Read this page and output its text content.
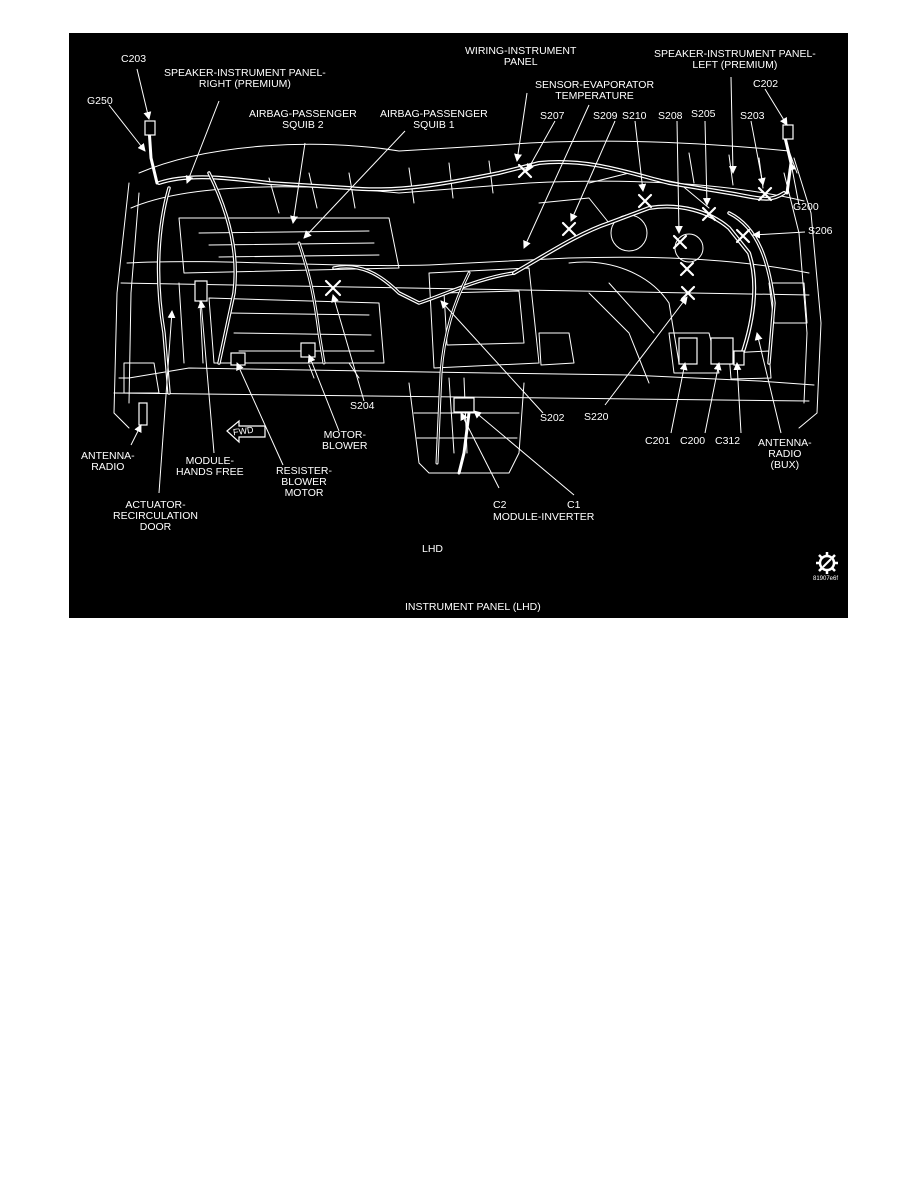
C203
G250
SPEAKER-INSTRUMENT PANEL-
RIGHT (PREMIUM)
AIRBAG-PASSENGER
SQUIB 2
AIRBAG-PASSENGER
SQUIB 1
WIRING-INSTRUMENT
PANEL
SENSOR-EVAPORATOR
TEMPERATURE
SPEAKER-INSTRUMENT PANEL-
LEFT (PREMIUM)
C202
S207	S209 S210 S208 S205 S203
G200
S206
S204
S202 S220
C201 C200 C312
ANTENNA-
RADIO	MODULE-
HANDS FREE	RESISTER-
BLOWER
MOTOR
MOTOR-
BLOWER
ACTUATOR-
RECIRCULATION
DOOR
C2	C1
MODULE-INVERTER
ANTENNA-
RADIO
(BUX)
LHD
INSTRUMENT PANEL (LHD)
81907e6f
FWD
